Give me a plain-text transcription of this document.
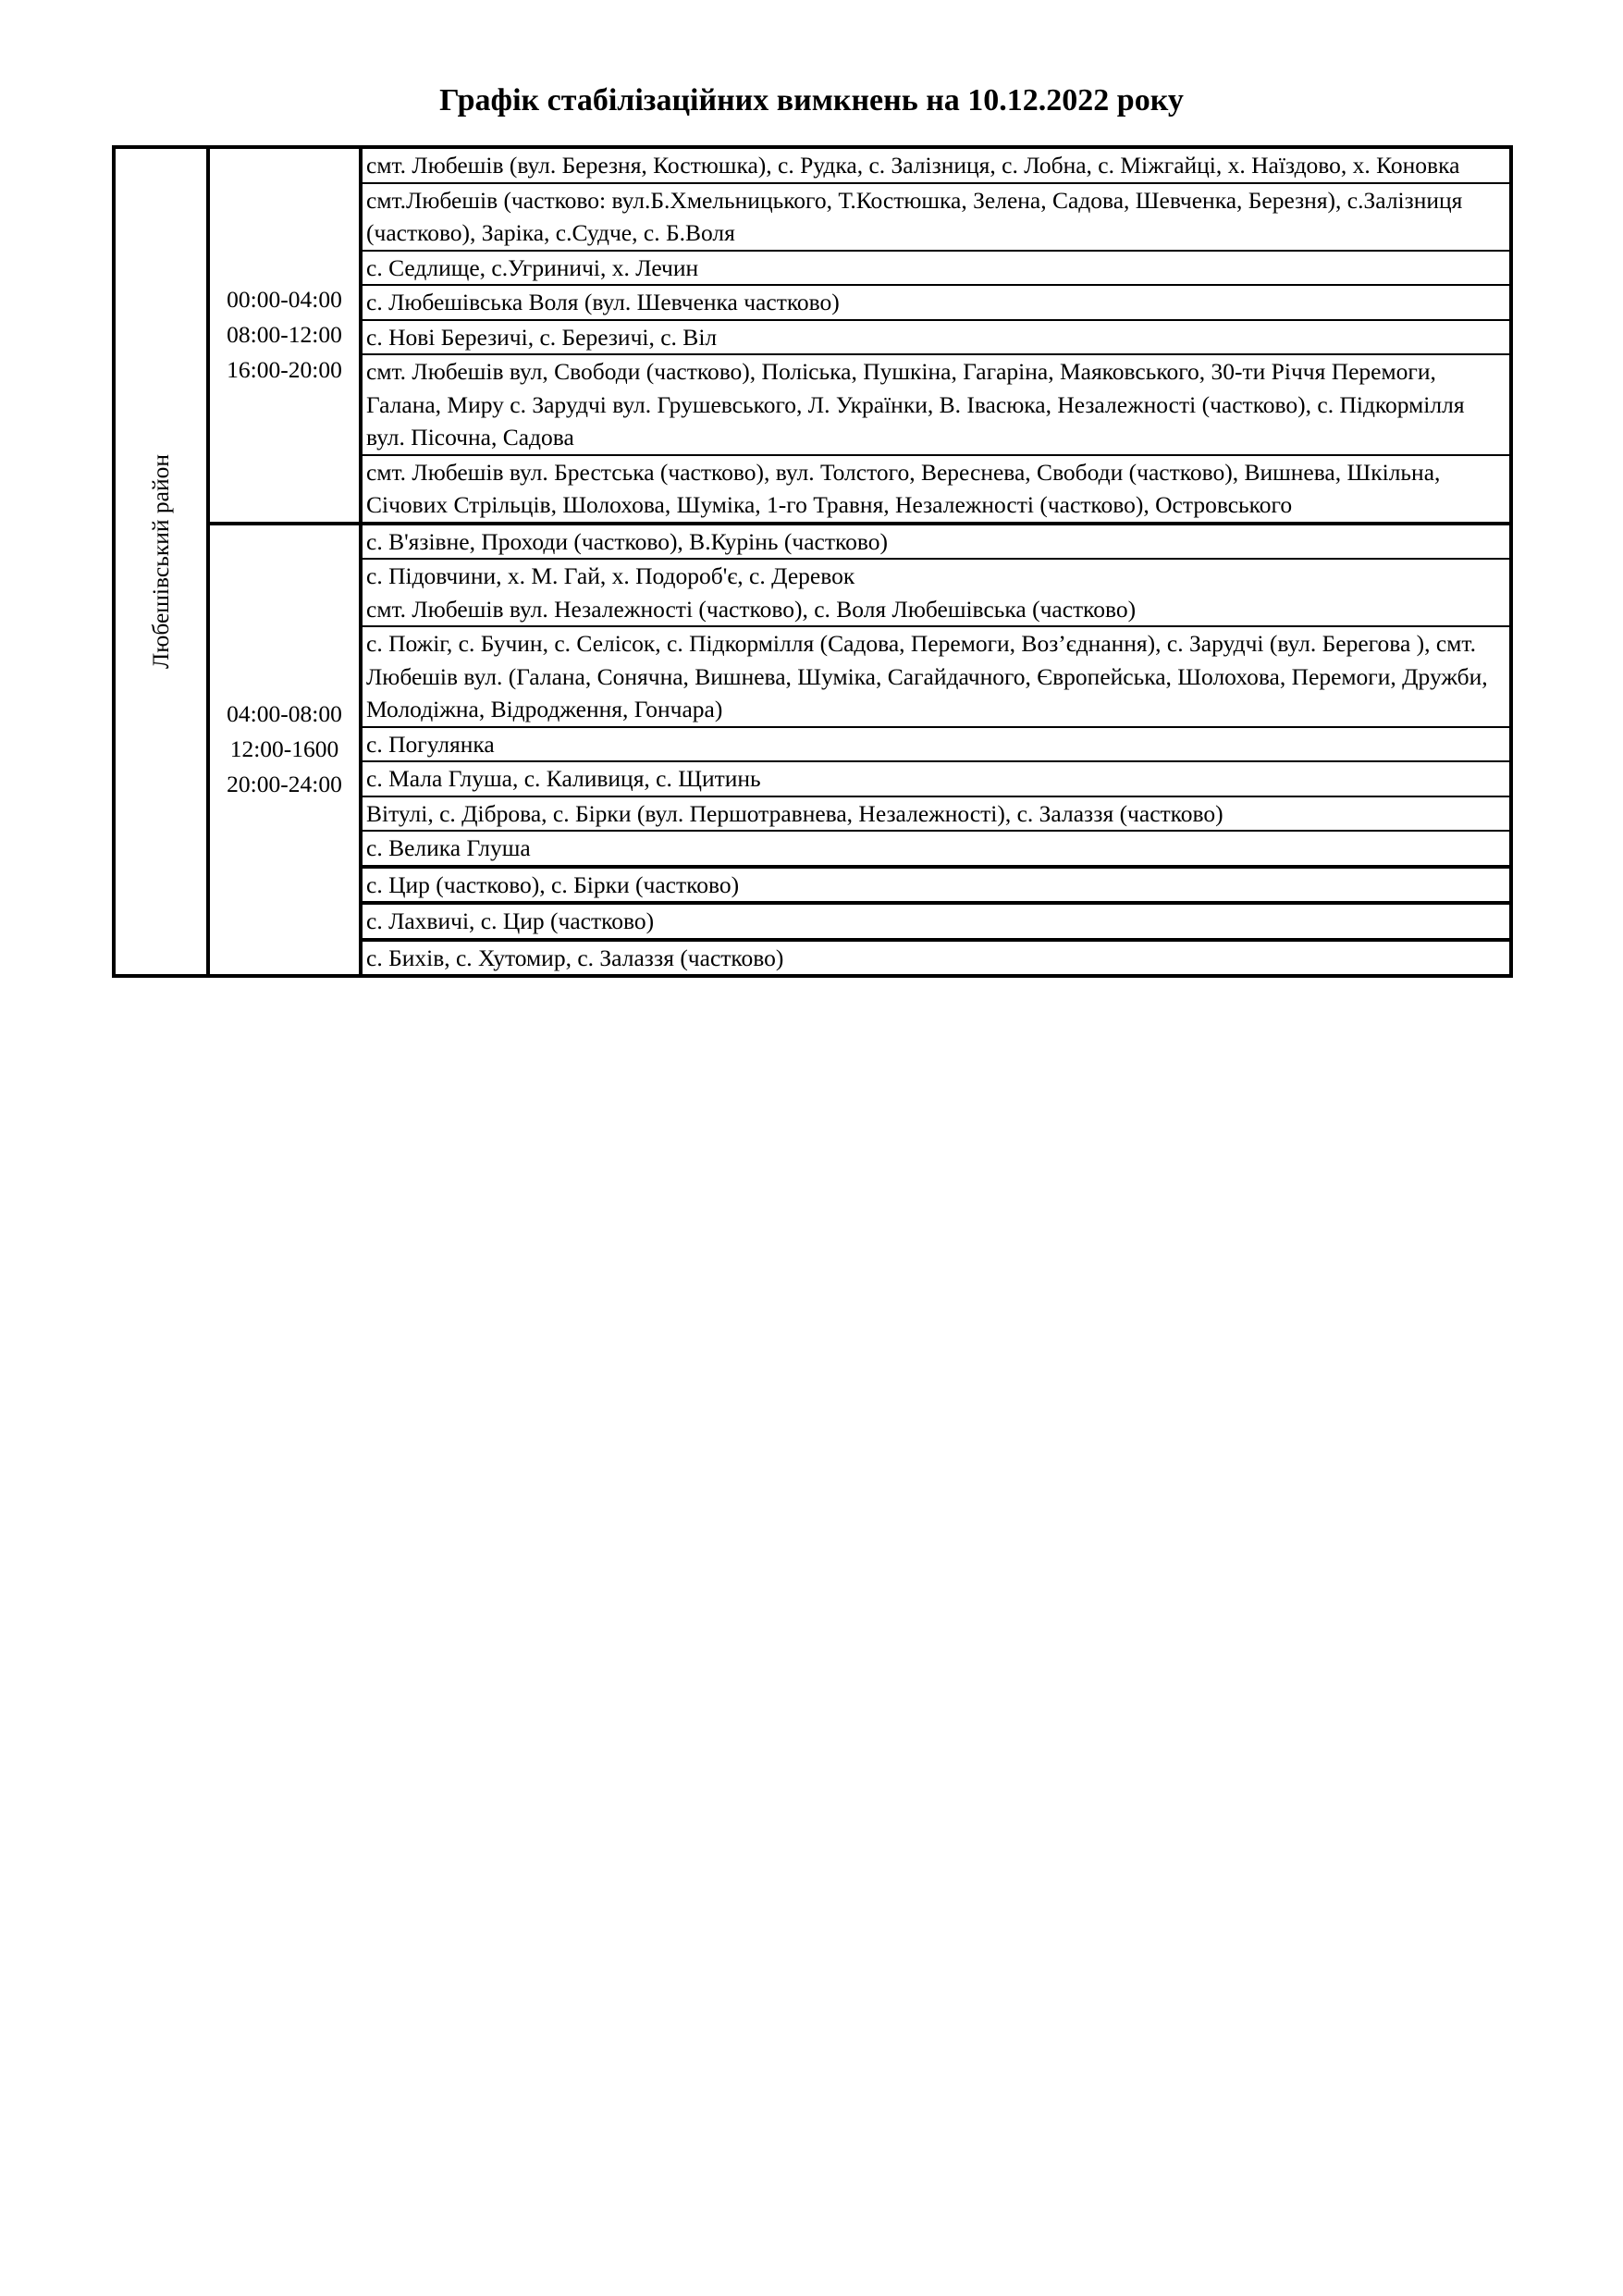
Графік стабілізаційних вимкнень на 10.12.2022 року
Любешівський район	00:00-04:00
08:00-12:00
16:00-20:00	смт. Любешів (вул. Березня, Костюшка), с. Рудка, с. Залізниця, с. Лобна, с. Міжгайці, х. Наїздово, х. Коновка
		смт.Любешів (частково: вул.Б.Хмельницького, Т.Костюшка, Зелена, Садова, Шевченка, Березня), с.Залізниця (частково), Заріка, с.Судче, с. Б.Воля
		с. Седлище, с.Угриничі, х. Лечин
		с. Любешівська Воля (вул. Шевченка частково)
		с. Нові Березичі, с. Березичі, с. Віл
		смт. Любешів вул, Свободи (частково), Поліська, Пушкіна, Гагаріна, Маяковського, 30-ти Річчя Перемоги, Галана, Миру с. Зарудчі вул. Грушевського, Л. Українки, В. Івасюка, Незалежності (частково), с. Підкормілля вул. Пісочна, Садова
		смт. Любешів вул. Брестська (частково), вул. Толстого, Вереснева, Свободи (частково), Вишнева, Шкільна, Січових Стрільців, Шолохова, Шуміка, 1-го Травня, Незалежності (частково), Островського

	04:00-08:00
12:00-1600
20:00-24:00	с. В'язівне, Проходи (частково), В.Курінь (частково)

		с. Підовчини, х. М. Гай, х. Подороб'є, с. Деревок
смт. Любешів вул. Незалежності (частково), с. Воля Любешівська (частково)

		с. Пожіг, с. Бучин, с. Селісок, с. Підкормілля (Садова, Перемоги, Воз’єднання), с. Зарудчі (вул. Берегова ), смт. Любешів вул. (Галана, Сонячна, Вишнева, Шуміка, Сагайдачного, Європейська, Шолохова, Перемоги, Дружби, Молодіжна, Відродження, Гончара)
		с. Погулянка
		с. Мала Глуша, с. Каливиця, с. Щитинь
		Вітулі, с. Діброва, с. Бірки (вул. Першотравнева, Незалежності), с. Залаззя (частково)
		с. Велика Глуша
		с. Цир (частково), с. Бірки (частково)
		с. Лахвичі, с. Цир (частково)
		с. Бихів, с. Хутомир, с. Залаззя (частково)
